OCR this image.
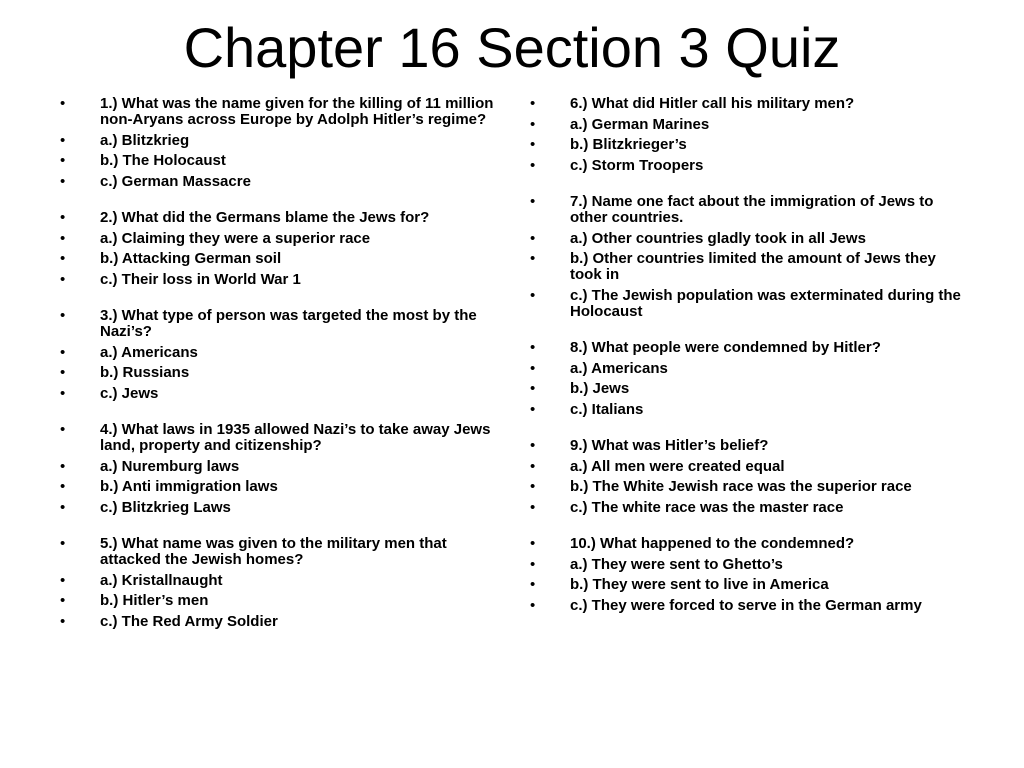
Chapter 16 Section 3 Quiz
• 1.) What was the name given for the killing of 11 million non-Aryans across Europe by Adolph Hitler’s regime?
• a.) Blitzkrieg
• b.) The Holocaust
• c.) German Massacre
• 2.) What did the Germans blame the Jews for?
• a.) Claiming they were a superior race
• b.) Attacking German soil
• c.) Their loss in World War 1
• 3.) What type of person was targeted the most by the Nazi’s?
• a.) Americans
• b.) Russians
• c.) Jews
• 4.) What laws in 1935 allowed Nazi’s to take away Jews land, property and citizenship?
• a.) Nuremburg laws
• b.) Anti immigration laws
• c.) Blitzkrieg Laws
• 5.) What name was given to the military men that attacked the Jewish homes?
• a.) Kristallnaught
• b.) Hitler’s men
• c.) The Red Army Soldier
• 6.) What did Hitler call his military men?
• a.) German Marines
• b.) Blitzkrieger’s
• c.) Storm Troopers
• 7.) Name one fact about the immigration of Jews to other countries.
• a.) Other countries gladly took in all Jews
• b.) Other countries limited the amount of Jews they took in
• c.) The Jewish population was exterminated during the Holocaust
• 8.) What people were condemned by Hitler?
• a.) Americans
• b.) Jews
• c.) Italians
• 9.) What was Hitler’s belief?
• a.) All men were created equal
• b.) The White Jewish race was the superior race
• c.) The white race was the master race
• 10.) What happened to the condemned?
• a.) They were sent to Ghetto’s
• b.) They were sent to live in America
• c.) They were forced to serve in the German army
